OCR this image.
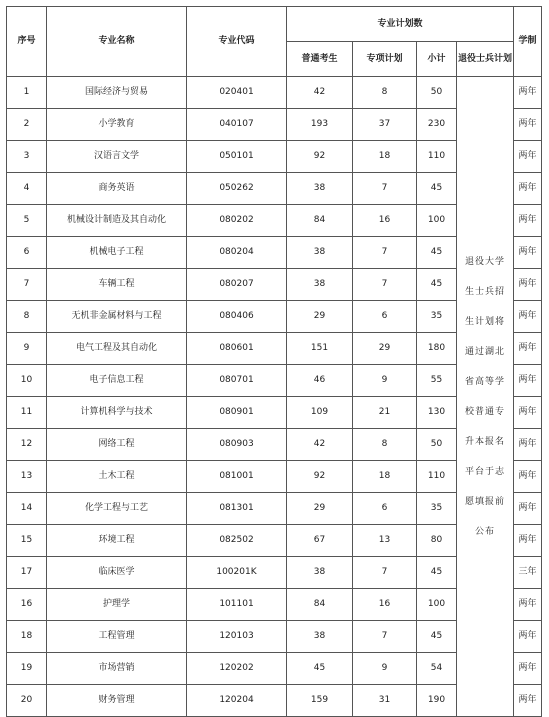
序号	专业名称	专业代码	专业计划数				学制
			普通考生	专项计划	小计	退役士兵计划	
1	国际经济与贸易	020401	42	8	50	退役大学生士兵招生计划将通过湖北省高等学校普通专升本报名平台于志愿填报前公布	两年
2	小学教育	040107	193	37	230		两年
3	汉语言文学	050101	92	18	110		两年
4	商务英语	050262	38	7	45		两年
5	机械设计制造及其自动化	080202	84	16	100		两年
6	机械电子工程	080204	38	7	45		两年
7	车辆工程	080207	38	7	45		两年
8	无机非金属材料与工程	080406	29	6	35		两年
9	电气工程及其自动化	080601	151	29	180		两年
10	电子信息工程	080701	46	9	55		两年
11	计算机科学与技术	080901	109	21	130		两年
12	网络工程	080903	42	8	50		两年
13	土木工程	081001	92	18	110		两年
14	化学工程与工艺	081301	29	6	35		两年
15	环境工程	082502	67	13	80		两年
17	临床医学	100201K	38	7	45		三年
16	护理学	101101	84	16	100		两年
18	工程管理	120103	38	7	45		两年
19	市场营销	120202	45	9	54		两年
20	财务管理	120204	159	31	190		两年
